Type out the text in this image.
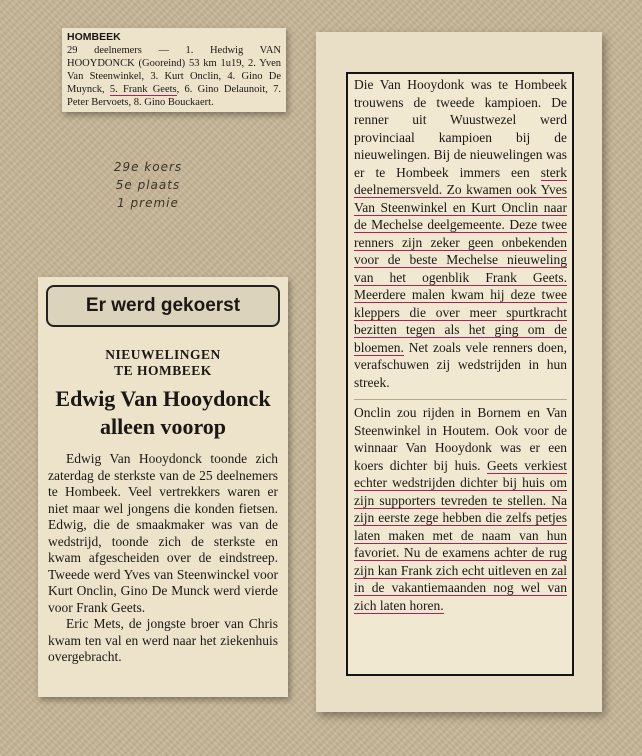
HOMBEEK
29 deelnemers — 1. Hedwig VAN HOOYDONCK (Gooreind) 53 km 1u19, 2. Yven Van Steenwinkel, 3. Kurt Onclin, 4. Gino De Muynck, 5. Frank Geets, 6. Gino Delaunoit, 7. Peter Bervoets, 8. Gino Bouckaert.
29e koers
5e plaats
1 premie
Er werd gekoerst
NIEUWELINGEN
TE HOMBEEK
Edwig Van Hooydonck
alleen voorop

Edwig Van Hooydonck toonde zich zaterdag de sterkste van de 25 deelnemers te Hombeek. Veel vertrekkers waren er niet maar wel jongens die konden fietsen. Edwig, die de smaakmaker was van de wedstrijd, toonde zich de sterkste en kwam afgescheiden over de eindstreep. Tweede werd Yves van Steenwinckel voor Kurt Onclin, Gino De Munck werd vierde voor Frank Geets.

Eric Mets, de jongste broer van Chris kwam ten val en werd naar het ziekenhuis overgebracht.

Die Van Hooydonk was te Hombeek trouwens de tweede kampioen. De renner uit Wuustwezel werd provinciaal kampioen bij de nieuwelingen. Bij de nieuwelingen was er te Hombeek immers een sterk deelnemersveld. Zo kwamen ook Yves Van Steenwinkel en Kurt Onclin naar de Mechelse deelgemeente. Deze twee renners zijn zeker geen onbekenden voor de beste Mechelse nieuweling van het ogenblik Frank Geets. Meerdere malen kwam hij deze twee kleppers die over meer spurtkracht bezitten tegen als het ging om de bloemen. Net zoals vele renners doen, verafschuwen zij wedstrijden in hun streek.

Onclin zou rijden in Bornem en Van Steenwinkel in Houtem. Ook voor de winnaar Van Hooydonk was er een koers dichter bij huis. Geets verkiest echter wedstrijden dichter bij huis om zijn supporters tevreden te stellen. Na zijn eerste zege hebben die zelfs petjes laten maken met de naam van hun favoriet. Nu de examens achter de rug zijn kan Frank zich echt uitleven en zal in de vakantiemaanden nog wel van zich laten horen.
